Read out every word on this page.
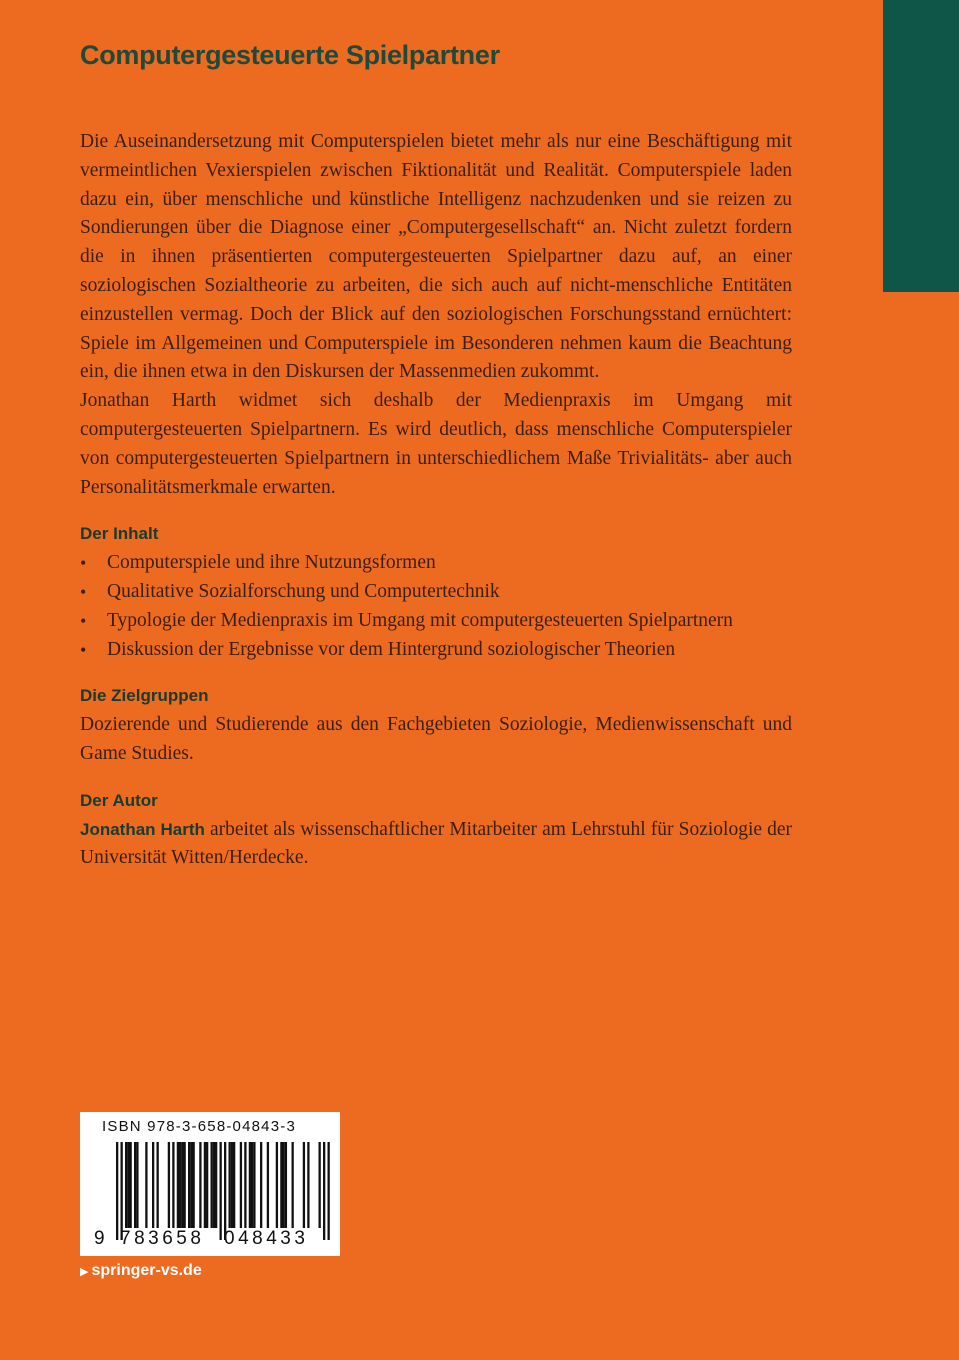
Computergesteuerte Spielpartner

Die Auseinandersetzung mit Computerspielen bietet mehr als nur eine Beschäftigung mit vermeintlichen Vexierspielen zwischen Fiktionalität und Realität. Computerspiele laden dazu ein, über menschliche und künstliche Intelligenz nachzudenken und sie reizen zu Sondierungen über die Diagnose einer „Computergesellschaft“ an. Nicht zuletzt fordern die in ihnen präsentierten computergesteuerten Spielpartner dazu auf, an einer soziologischen Sozialtheorie zu arbeiten, die sich auch auf nicht-menschliche Entitäten einzustellen vermag. Doch der Blick auf den soziologischen Forschungsstand ernüchtert: Spiele im Allgemeinen und Computerspiele im Besonderen nehmen kaum die Beachtung ein, die ihnen etwa in den Diskursen der Massenmedien zukommt.

Jonathan Harth widmet sich deshalb der Medienpraxis im Umgang mit computergesteuerten Spielpartnern. Es wird deutlich, dass menschliche Computerspieler von computergesteuerten Spielpartnern in unterschiedlichem Maße Trivialitäts- aber auch Personalitätsmerkmale erwarten.

Der Inhalt
• Computerspiele und ihre Nutzungsformen
• Qualitative Sozialforschung und Computertechnik
• Typologie der Medienpraxis im Umgang mit computergesteuerten Spielpartnern
• Diskussion der Ergebnisse vor dem Hintergrund soziologischer Theorien
Die Zielgruppen

Dozierende und Studierende aus den Fachgebieten Soziologie, Medienwissenschaft und Game Studies.

Der Autor

Jonathan Harth arbeitet als wissenschaftlicher Mitarbeiter am Lehrstuhl für Soziologie der Universität Witten/Herdecke.

ISBN 978-3-658-04843-3
9 783658 048433
▶ springer-vs.de
